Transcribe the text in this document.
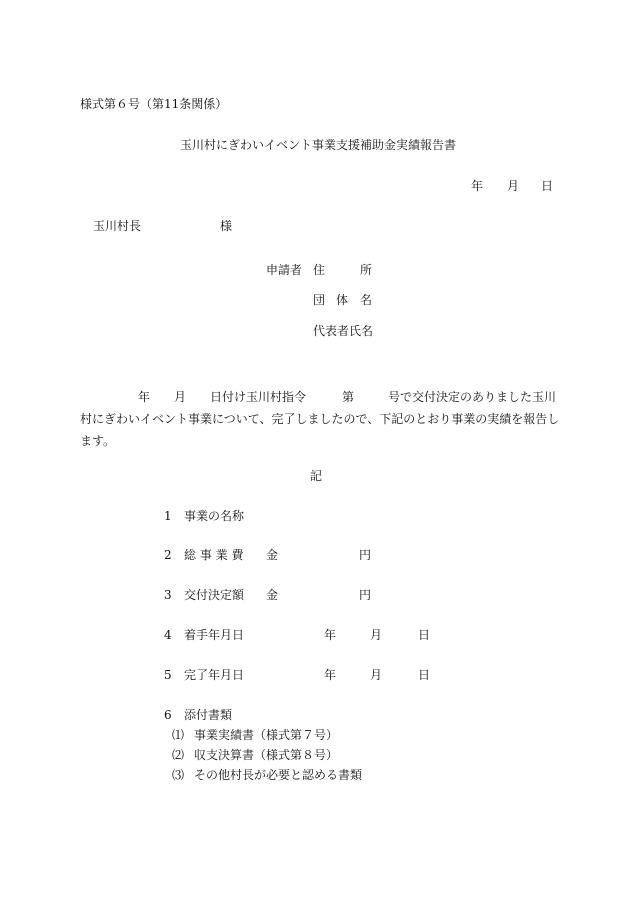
様式第６号（第11条関係）
玉川村にぎわいイベント事業支援補助金実績報告書
年 月 日
玉川村長	様
申請者 住	所
団 体 名
代表者氏名
年 月 日付け玉川村指令	第	号で交付決定のありました玉川
村にぎわいイベント事業について、完了しましたので、下記のとおり事業の実績を報告し
ます。
記
1 事業の名称
2 総 事 業 費 金	円
3 交付決定額 金	円
4 着手年月日	年	月	日
5 完了年月日	年	月	日
6 添付書類
⑴ 事業実績書（様式第７号）
⑵ 収支決算書（様式第８号）
⑶ その他村長が必要と認める書類
